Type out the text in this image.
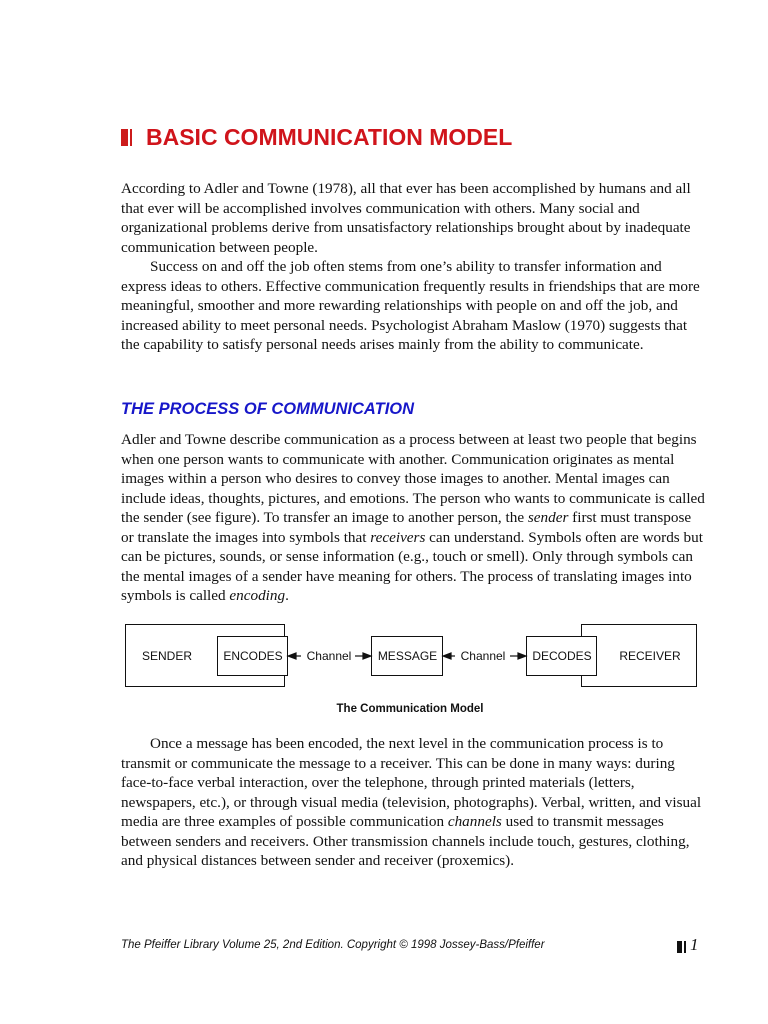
BASIC COMMUNICATION MODEL

According to Adler and Towne (1978), all that ever has been accomplished by humans and all that ever will be accomplished involves communication with others. Many social and organizational problems derive from unsatisfactory relationships brought about by inadequate communication between people.

Success on and off the job often stems from one’s ability to transfer information and express ideas to others. Effective communication frequently results in friendships that are more meaningful, smoother and more rewarding relationships with people on and off the job, and increased ability to meet personal needs. Psychologist Abraham Maslow (1970) suggests that the capability to satisfy personal needs arises mainly from the ability to communicate.

THE PROCESS OF COMMUNICATION

Adler and Towne describe communication as a process between at least two people that begins when one person wants to communicate with another. Communication originates as mental images within a person who desires to convey those images to another. Mental images can include ideas, thoughts, pictures, and emotions. The person who wants to communicate is called the sender (see figure). To transfer an image to another person, the sender first must transpose or translate the images into symbols that receivers can understand. Symbols often are words but can be pictures, sounds, or sense information (e.g., touch or smell). Only through symbols can the mental images of a sender have meaning for others. The process of translating images into symbols is called encoding.

SENDER	ENCODES	Channel	MESSAGE	Channel	DECODES	RECEIVER
The Communication Model

Once a message has been encoded, the next level in the communication process is to transmit or communicate the message to a receiver. This can be done in many ways: during face-to-face verbal interaction, over the telephone, through printed materials (letters, newspapers, etc.), or through visual media (television, photographs). Verbal, written, and visual media are three examples of possible communication channels used to transmit messages between senders and receivers. Other transmission channels include touch, gestures, clothing, and physical distances between sender and receiver (proxemics).

The Pfeiffer Library Volume 25, 2nd Edition. Copyright © 1998 Jossey-Bass/Pfeiffer	1
